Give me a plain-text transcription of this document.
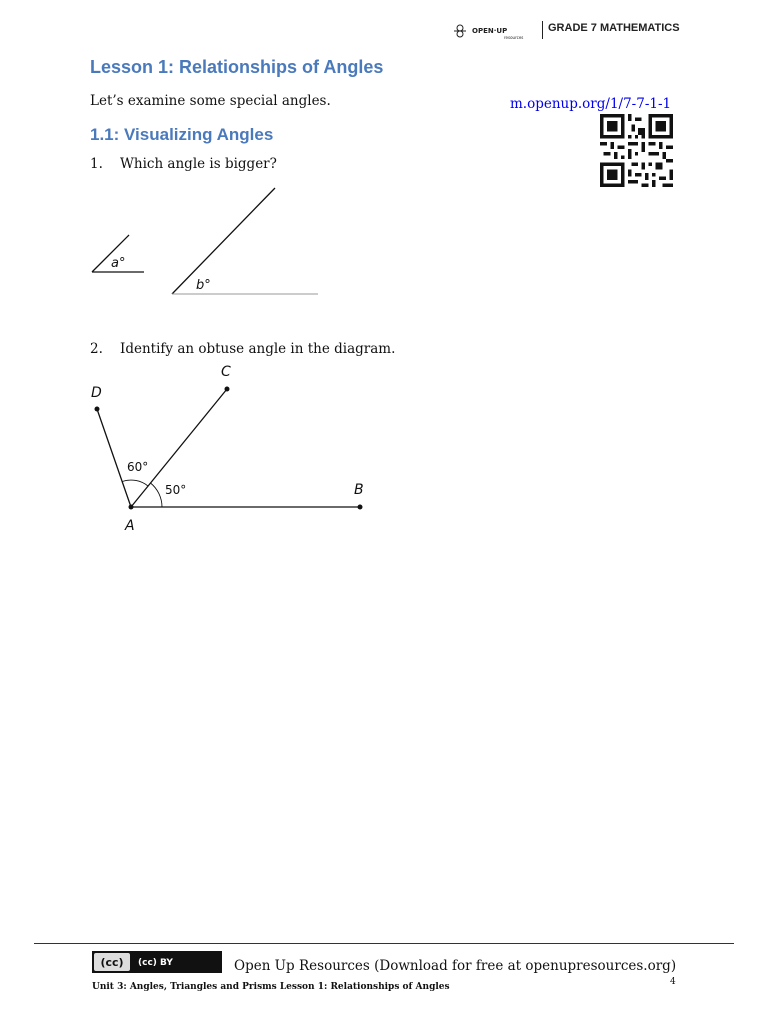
OPEN·UP
resources
GRADE 7 MATHEMATICS
Lesson 1: Relationships of Angles
Let’s examine some special angles.	m.openup.org/1/7-7-1-1
1.1: Visualizing Angles
1. Which angle is bigger?
2. Identify an obtuse angle in the diagram.
a°
b°
D
C
B
A
60°
50°
(cc) (cc) BY	Open Up Resources (Download for free at openupresources.org)
Unit 3: Angles, Triangles and Prisms Lesson 1: Relationships of Angles	4
